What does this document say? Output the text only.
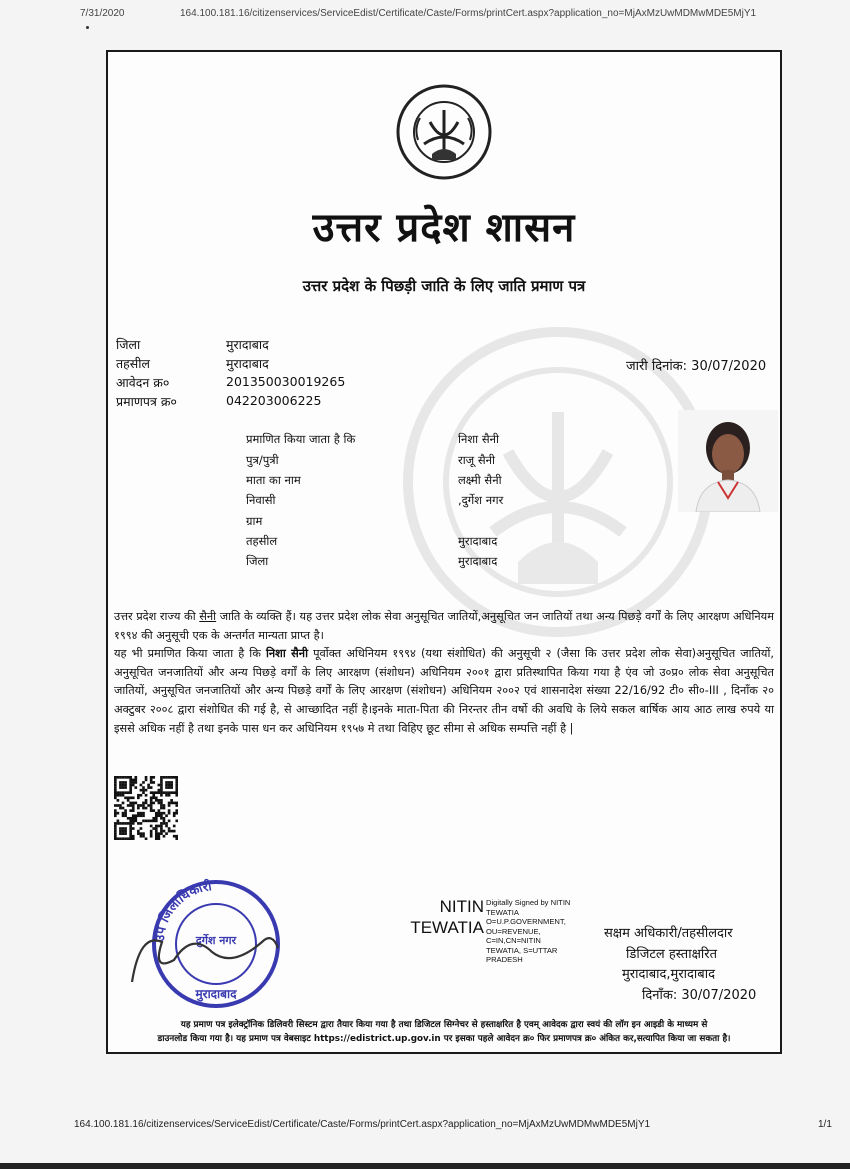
7/31/2020	164.100.181.16/citizenservices/ServiceEdist/Certificate/Caste/Forms/printCert.aspx?application_no=MjAxMzUwMDMwMDE5MjY1
उत्तर प्रदेश शासन
उत्तर प्रदेश के पिछड़ी जाति के लिए जाति प्रमाण पत्र
जिला	मुरादाबाद
तहसील	मुरादाबाद
आवेदन क्र०	201350030019265
प्रमाणपत्र क्र०	042203006225
जारी दिनांक: 30/07/2020
प्रमाणित किया जाता है कि	निशा सैनी
पुत्र/पुत्री	राजू सैनी
माता का नाम	लक्ष्मी सैनी
निवासी	,दुर्गेश नगर
ग्राम
तहसील	मुरादाबाद
जिला	मुरादाबाद
उत्तर प्रदेश राज्य की सैनी जाति के व्यक्ति हैं। यह उत्तर प्रदेश लोक सेवा अनुसूचित जातियों,अनुसूचित जन जातियों तथा अन्य पिछड़े वर्गों के लिए आरक्षण अधिनियम १९९४ की अनुसूची एक के अन्तर्गत मान्यता प्राप्त है।
यह भी प्रमाणित किया जाता है कि निशा सैनी पूर्वोक्त अधिनियम १९९४ (यथा संशोधित) की अनुसूची २ (जैसा कि उत्तर प्रदेश लोक सेवा)अनुसूचित जातियों, अनुसूचित जनजातियों और अन्य पिछड़े वर्गों के लिए आरक्षण (संशोधन) अधिनियम २००१ द्वारा प्रतिस्थापित किया गया है एंव जो उ०प्र० लोक सेवा अनुसूचित जातियों, अनुसूचित जनजातियों और अन्य पिछड़े वर्गों के लिए आरक्षण (संशोधन) अधिनियम २००२ एवं शासनादेश संख्या 22/16/92 टी० सी०-III , दिनाँक २० अक्टुबर २००८ द्वारा संशोधित की गई है, से आच्छादित नहीं है।इनके माता-पिता की निरन्तर तीन वर्षो की अवधि के लिये सकल बार्षिक आय आठ लाख रुपये या इससे अधिक नहीं है तथा इनके पास धन कर अधिनियम १९५७ मे तथा विहिए छूट सीमा से अधिक सम्पत्ति नहीं है |
उप जिलाधिकारी
दुर्गेश नगर
मुरादाबाद
NITIN
TEWATIA
Digitally Signed by NITIN
TEWATIA
O=U.P.GOVERNMENT,
OU=REVENUE,
C=IN,CN=NITIN
TEWATIA, S=UTTAR
PRADESH
सक्षम अधिकारी/तहसीलदार
डिजिटल हस्ताक्षरित
मुरादाबाद,मुरादाबाद
दिनाँक: 30/07/2020
यह प्रमाण पत्र इलेक्ट्रॉनिक डिलिवरी सिस्टम द्वारा तैयार किया गया है तथा डिजिटल सिग्नेचर से हस्ताक्षरित है एवम् आवेदक द्वारा स्वयं की लॉग इन आइडी के माध्यम से
डाउनलोड किया गया है। यह प्रमाण पत्र वेबसाइट https://edistrict.up.gov.in पर इसका पहले आवेदन क्र० फिर प्रमाणपत्र क्र० अंकित कर,सत्यापित किया जा सकता है।
164.100.181.16/citizenservices/ServiceEdist/Certificate/Caste/Forms/printCert.aspx?application_no=MjAxMzUwMDMwMDE5MjY1	1/1
